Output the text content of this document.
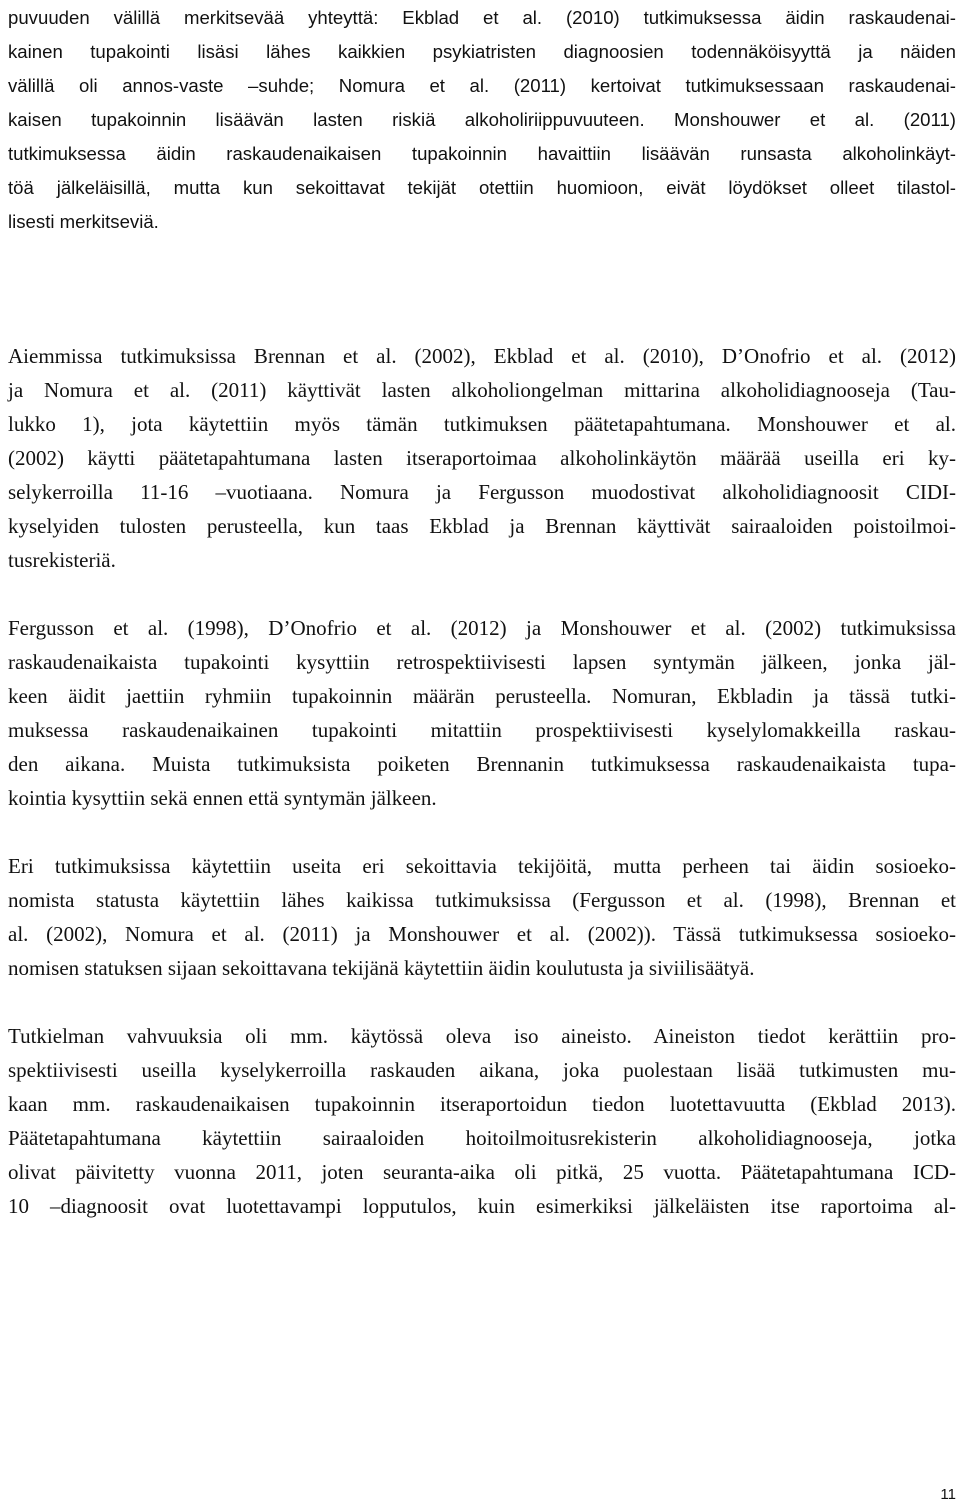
puvuuden välillä merkitsevää yhteyttä: Ekblad et al. (2010) tutkimuksessa äidin raskaudenai-
kainen tupakointi lisäsi lähes kaikkien psykiatristen diagnoosien todennäköisyyttä ja näiden
välillä oli annos-vaste –suhde; Nomura et al. (2011) kertoivat tutkimuksessaan raskaudenai-
kaisen tupakoinnin lisäävän lasten riskiä alkoholiriippuvuuteen. Monshouwer et al. (2011)
tutkimuksessa äidin raskaudenaikaisen tupakoinnin havaittiin lisäävän runsasta alkoholinkäyt-
töä jälkeläisillä, mutta kun sekoittavat tekijät otettiin huomioon, eivät löydökset olleet tilastol-
lisesti merkitseviä.
Aiemmissa tutkimuksissa Brennan et al. (2002), Ekblad et al. (2010), D’Onofrio et al. (2012)
ja Nomura et al. (2011) käyttivät lasten alkoholiongelman mittarina alkoholidiagnooseja (Tau-
lukko 1), jota käytettiin myös tämän tutkimuksen päätetapahtumana. Monshouwer et al.
(2002) käytti päätetapahtumana lasten itseraportoimaa alkoholinkäytön määrää useilla eri ky-
selykerroilla 11-16 –vuotiaana. Nomura ja Fergusson muodostivat alkoholidiagnoosit CIDI-
kyselyiden tulosten perusteella, kun taas Ekblad ja Brennan käyttivät sairaaloiden poistoilmoi-
tusrekisteriä.
Fergusson et al. (1998), D’Onofrio et al. (2012) ja Monshouwer et al. (2002) tutkimuksissa
raskaudenaikaista tupakointi kysyttiin retrospektiivisesti lapsen syntymän jälkeen, jonka jäl-
keen äidit jaettiin ryhmiin tupakoinnin määrän perusteella. Nomuran, Ekbladin ja tässä tutki-
muksessa raskaudenaikainen tupakointi mitattiin prospektiivisesti kyselylomakkeilla raskau-
den aikana. Muista tutkimuksista poiketen Brennanin tutkimuksessa raskaudenaikaista tupa-
kointia kysyttiin sekä ennen että syntymän jälkeen.
Eri tutkimuksissa käytettiin useita eri sekoittavia tekijöitä, mutta perheen tai äidin sosioeko-
nomista statusta käytettiin lähes kaikissa tutkimuksissa (Fergusson et al. (1998), Brennan et
al. (2002), Nomura et al. (2011) ja Monshouwer et al. (2002)). Tässä tutkimuksessa sosioeko-
nomisen statuksen sijaan sekoittavana tekijänä käytettiin äidin koulutusta ja siviilisäätyä.
Tutkielman vahvuuksia oli mm. käytössä oleva iso aineisto. Aineiston tiedot kerättiin pro-
spektiivisesti useilla kyselykerroilla raskauden aikana, joka puolestaan lisää tutkimusten mu-
kaan mm. raskaudenaikaisen tupakoinnin itseraportoidun tiedon luotettavuutta (Ekblad 2013).
Päätetapahtumana käytettiin sairaaloiden hoitoilmoitusrekisterin alkoholidiagnooseja, jotka
olivat päivitetty vuonna 2011, joten seuranta-aika oli pitkä, 25 vuotta. Päätetapahtumana ICD-
10 –diagnoosit ovat luotettavampi lopputulos, kuin esimerkiksi jälkeläisten itse raportoima al-
11
